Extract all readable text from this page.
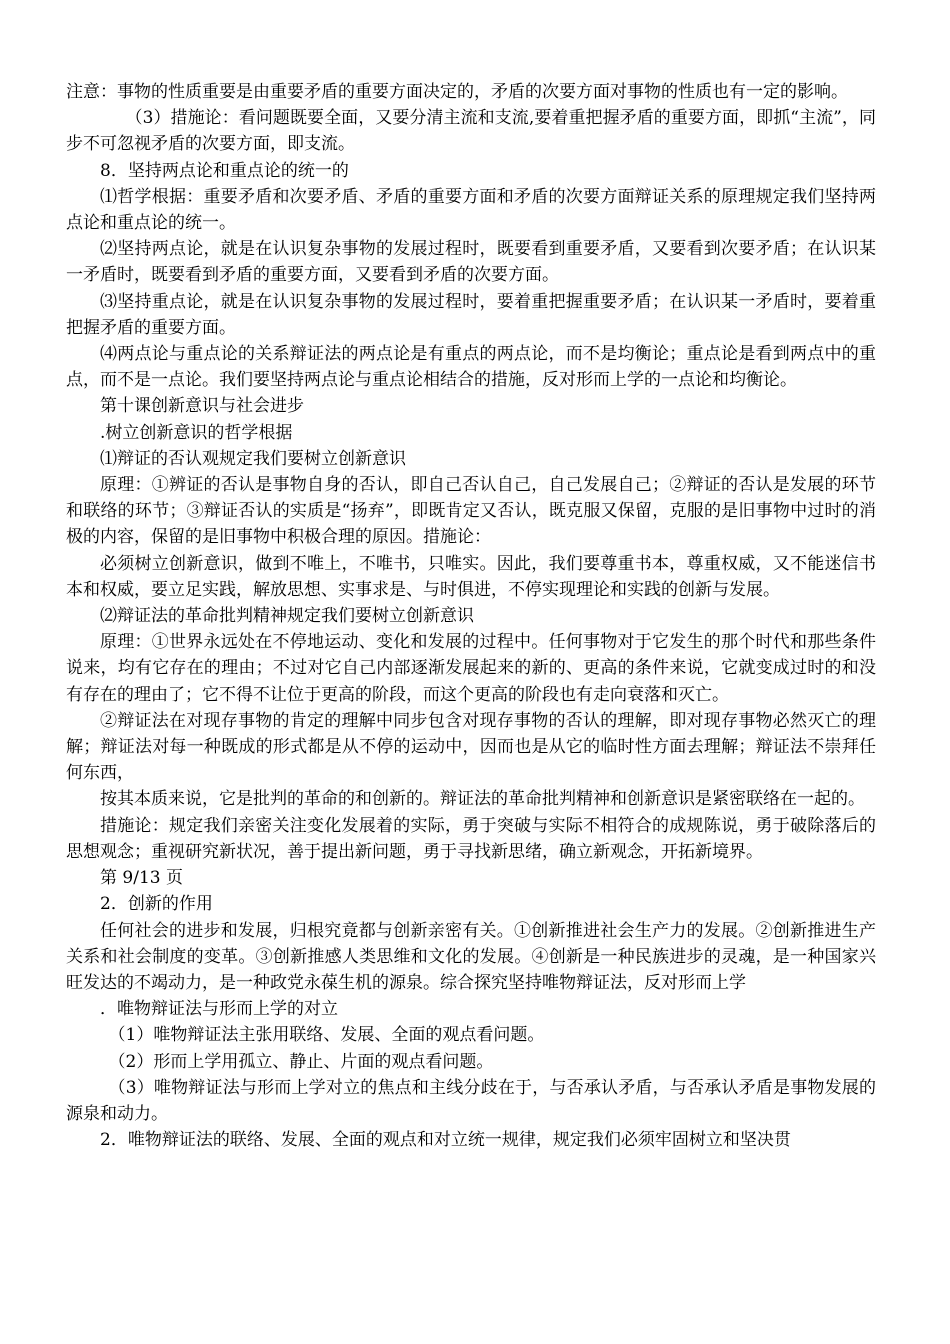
注意：事物的性质重要是由重要矛盾的重要方面决定的，矛盾的次要方面对事物的性质也有一定的影响。

（3）措施论：看问题既要全面，又要分清主流和支流,要着重把握矛盾的重要方面，即抓“主流”，同步不可忽视矛盾的次要方面，即支流。

8．坚持两点论和重点论的统一的

⑴哲学根据：重要矛盾和次要矛盾、矛盾的重要方面和矛盾的次要方面辩证关系的原理规定我们坚持两点论和重点论的统一。

⑵坚持两点论，就是在认识复杂事物的发展过程时，既要看到重要矛盾，又要看到次要矛盾；在认识某一矛盾时，既要看到矛盾的重要方面，又要看到矛盾的次要方面。

⑶坚持重点论，就是在认识复杂事物的发展过程时，要着重把握重要矛盾；在认识某一矛盾时，要着重把握矛盾的重要方面。

⑷两点论与重点论的关系辩证法的两点论是有重点的两点论，而不是均衡论；重点论是看到两点中的重点，而不是一点论。我们要坚持两点论与重点论相结合的措施，反对形而上学的一点论和均衡论。

第十课创新意识与社会进步

.树立创新意识的哲学根据

⑴辩证的否认观规定我们要树立创新意识

原理：①辨证的否认是事物自身的否认，即自己否认自己，自己发展自己；②辩证的否认是发展的环节和联络的环节；③辩证否认的实质是“扬弃”，即既肯定又否认，既克服又保留，克服的是旧事物中过时的消极的内容，保留的是旧事物中积极合理的原因。措施论：

必须树立创新意识，做到不唯上，不唯书，只唯实。因此，我们要尊重书本，尊重权威，又不能迷信书本和权威，要立足实践，解放思想、实事求是、与时俱进，不停实现理论和实践的创新与发展。

⑵辩证法的革命批判精神规定我们要树立创新意识

原理：①世界永远处在不停地运动、变化和发展的过程中。任何事物对于它发生的那个时代和那些条件说来，均有它存在的理由；不过对它自己内部逐渐发展起来的新的、更高的条件来说，它就变成过时的和没有存在的理由了；它不得不让位于更高的阶段，而这个更高的阶段也有走向衰落和灭亡。

②辩证法在对现存事物的肯定的理解中同步包含对现存事物的否认的理解，即对现存事物必然灭亡的理解；辩证法对每一种既成的形式都是从不停的运动中，因而也是从它的临时性方面去理解；辩证法不崇拜任何东西，

按其本质来说，它是批判的革命的和创新的。辩证法的革命批判精神和创新意识是紧密联络在一起的。

措施论：规定我们亲密关注变化发展着的实际，勇于突破与实际不相符合的成规陈说，勇于破除落后的思想观念；重视研究新状况，善于提出新问题，勇于寻找新思绪，确立新观念，开拓新境界。

第 9/13 页

2．创新的作用

任何社会的进步和发展，归根究竟都与创新亲密有关。①创新推进社会生产力的发展。②创新推进生产关系和社会制度的变革。③创新推感人类思维和文化的发展。④创新是一种民族进步的灵魂，是一种国家兴旺发达的不竭动力，是一种政党永葆生机的源泉。综合探究坚持唯物辩证法，反对形而上学

．唯物辩证法与形而上学的对立

（1）唯物辩证法主张用联络、发展、全面的观点看问题。

（2）形而上学用孤立、静止、片面的观点看问题。

（3）唯物辩证法与形而上学对立的焦点和主线分歧在于，与否承认矛盾，与否承认矛盾是事物发展的源泉和动力。

2．唯物辩证法的联络、发展、全面的观点和对立统一规律，规定我们必须牢固树立和坚决贯
